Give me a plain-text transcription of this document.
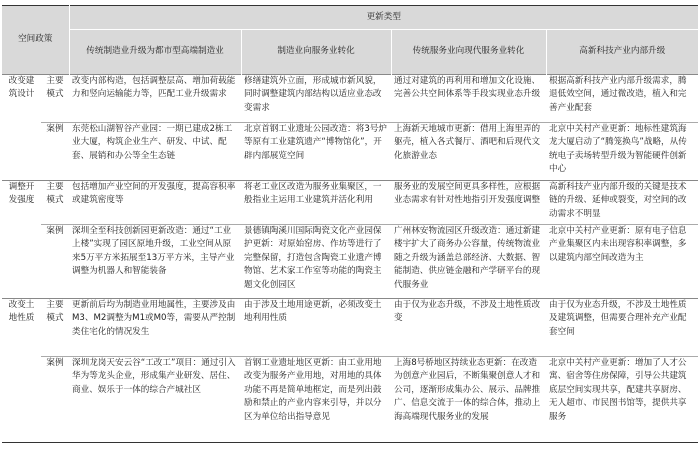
空间政策		更新类型			
		传统制造业升级为都市型高端制造业	制造业向服务业转化	传统服务业向现代服务业转化	高新科技产业内部升级
改变建筑设计	主要模式	改变内部构造，包括调整层高、增加荷载能力和竖向运输能力等，匹配工业升级需求	修缮建筑外立面，形成城市新风貌，同时调整建筑内部结构以适应业态改变需求	通过对建筑的再利用和增加文化设施、完善公共空间体系等手段实现业态升级	根据高新科技产业内部升级需求，腾退低效空间，通过微改造，植入和完善产业配套
	案例	东莞松山湖智谷产业园：一期已建成2栋工业大厦，构筑企业生产、研发、中试、配套、展销和办公等全生态链	北京首钢工业遗址公园改造：将3号炉等原有工业建筑遗产“博物馆化”，开辟内部展览空间	上海新天地城市更新：借用上海里弄的躯壳，植入各式餐厅、酒吧和后现代文化旅游业态	北京中关村产业更新：地标性建筑海龙大厦启动了“腾笼换鸟”战略，从传统电子卖场转型升级为智能硬件创新中心
调整开发强度	主要模式	包括增加产业空间的开发强度，提高容积率或建筑密度等	将老工业区改造为服务业集聚区，一般指业主运用工业建筑并活化利用	服务业的发展空间更具多样性，应根据业态需求有针对性地指引开发强度调整	高新科技产业内部升级的关键是技术链的升级、延伸或裂变，对空间的改动需求不明显
	案例	深圳全至科技创新园更新改造：通过“工业上楼”实现了园区原地升级，工业空间从原来5万平方米拓展至13万平方米，主导产业调整为机器人和智能装备	景德镇陶溪川国际陶瓷文化产业园保护更新：对原始窑房、作坊等进行了完整保留，打造包含陶瓷工业遗产博物馆、艺术家工作室等功能的陶瓷主题文化创园区	广州林安物流园区升级改造：通过新建楼宇扩大了商务办公容量，传统物流业随之升级为涵盖总部经济、大数据、智能制造、供应链金融和产学研平台的现代服务业	北京中关村产业更新：原有电子信息产业集聚区内未出现容积率调整，多以建筑内部空间改造为主
改变土地性质	主要模式	更新前后均为制造业用地属性，主要涉及由M3、M2调整为M1或M0等，需要从严控制类住宅化的情况发生	由于涉及土地用途更新，必须改变土地利用性质	由于仅为业态升级，不涉及土地性质改变	由于仅为业态升级，不涉及土地性质及建筑调整，但需要合理补充产业配套空间
	案例	深圳龙岗天安云谷“工改工”项目：通过引入华为等龙头企业，形成集产业研发、居住、商业、娱乐于一体的综合产城社区	首钢工业遗址地区更新：由工业用地改变为服务产业用地，对用地的具体功能不再是简单地框定，而是列出鼓励和禁止的产业内容来引导，并以分区为单位给出指导意见	上海8号桥地区持续业态更新：在改造为创意产业园后，不断集聚创意人才和公司，逐渐形成集办公、展示、品牌推广、信息交流于一体的综合体，推动上海高端现代服务业的发展	北京中关村产业更新：增加了人才公寓、宿舍等住房保障，引导公共建筑底层空间实现共享，配建共享厨房、无人超市、市民图书馆等，提供共享服务
